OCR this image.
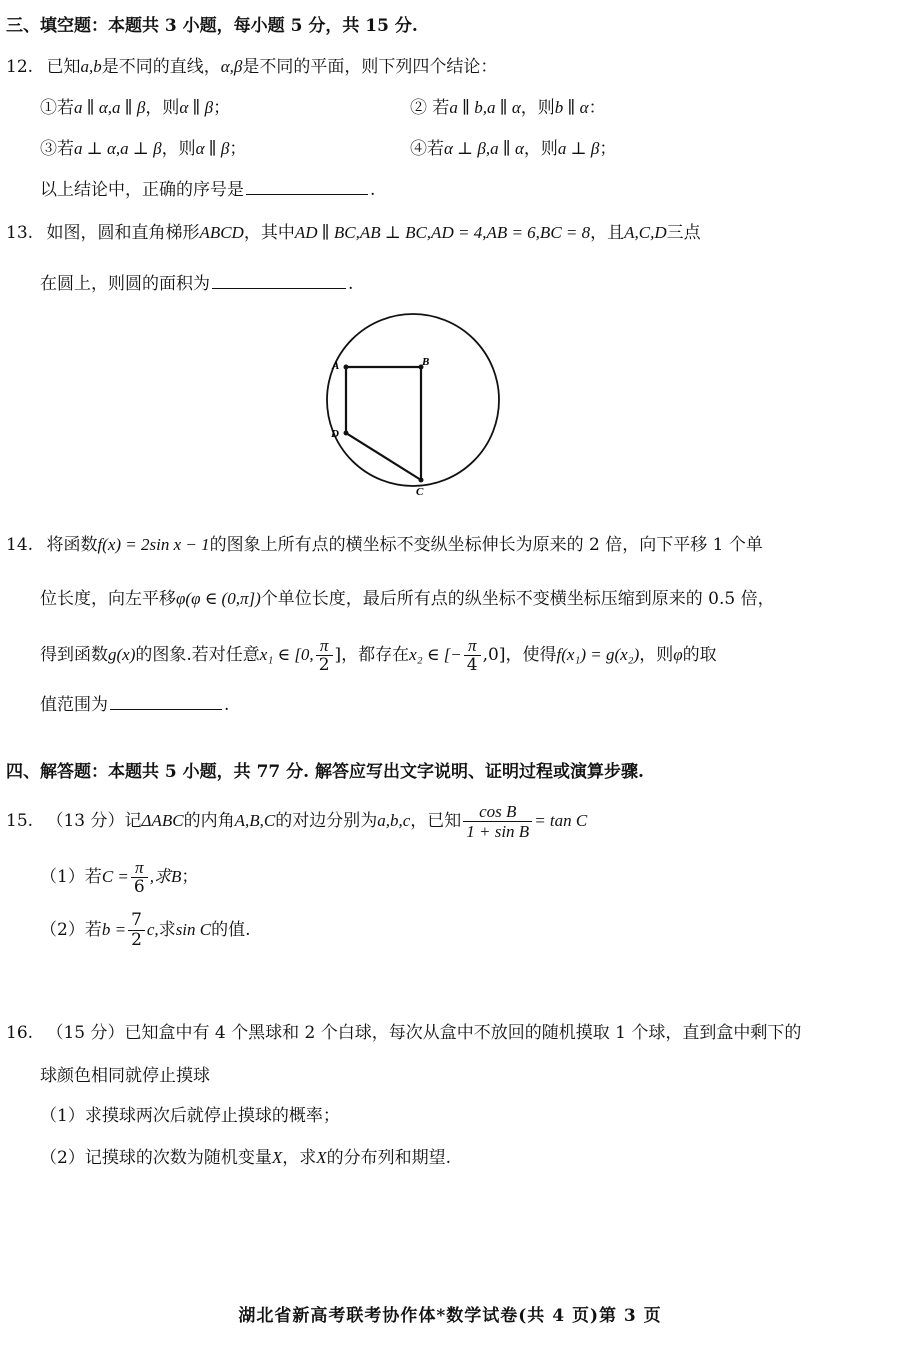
三、填空题：本题共 3 小题，每小题 5 分，共 15 分.
12. 已知a,b是不同的直线，α,β是不同的平面，则下列四个结论：
①若a ∥ α,a ∥ β，则α ∥ β；	② 若a ∥ b,a ∥ α，则b ∥ α：
③若a ⊥ α,a ⊥ β，则α ∥ β；	④若α ⊥ β,a ∥ α，则a ⊥ β；
以上结论中，正确的序号是	.
13. 如图，圆和直角梯形ABCD，其中AD ∥ BC,AB ⊥ BC,AD = 4,AB = 6,BC = 8，且A,C,D三点
在圆上，则圆的面积为	.
A	B
D
C
14. 将函数f(x) = 2sin x − 1的图象上所有点的横坐标不变纵坐标伸长为原来的 2 倍，向下平移 1 个单
位长度，向左平移φ(φ ∈ (0,π])个单位长度，最后所有点的纵坐标不变横坐标压缩到原来的 0.5 倍，
得到函数g(x)的图象.若对任意x₁ ∈ [0, $\frac{\pi}{2}$ ]，都存在x₂ ∈ [− $\frac{\pi}{4} ,0$]，使得f(x₁) = g(x₂)，则φ的取
值范围为	.
四、解答题：本题共 5 小题，共 77 分. 解答应写出文字说明、证明过程或演算步骤.
15. （13 分）记ΔABC的内角A,B,C的对边分别为a,b,c，已知 $\frac{\text{cos B}}{\text{1 + sin B}} = \tan C$
（1）若$C = \frac{\pi}{6}$ ,求B；
（2）若$b = \frac{7}{2} c$,求sin C的值.
16. （15 分）已知盒中有 4 个黑球和 2 个白球，每次从盒中不放回的随机摸取 1 个球，直到盒中剩下的
球颜色相同就停止摸球
（1）求摸球两次后就停止摸球的概率；
（2）记摸球的次数为随机变量X，求X的分布列和期望.
湖北省新高考联考协作体*数学试卷(共 4 页)第 3 页
